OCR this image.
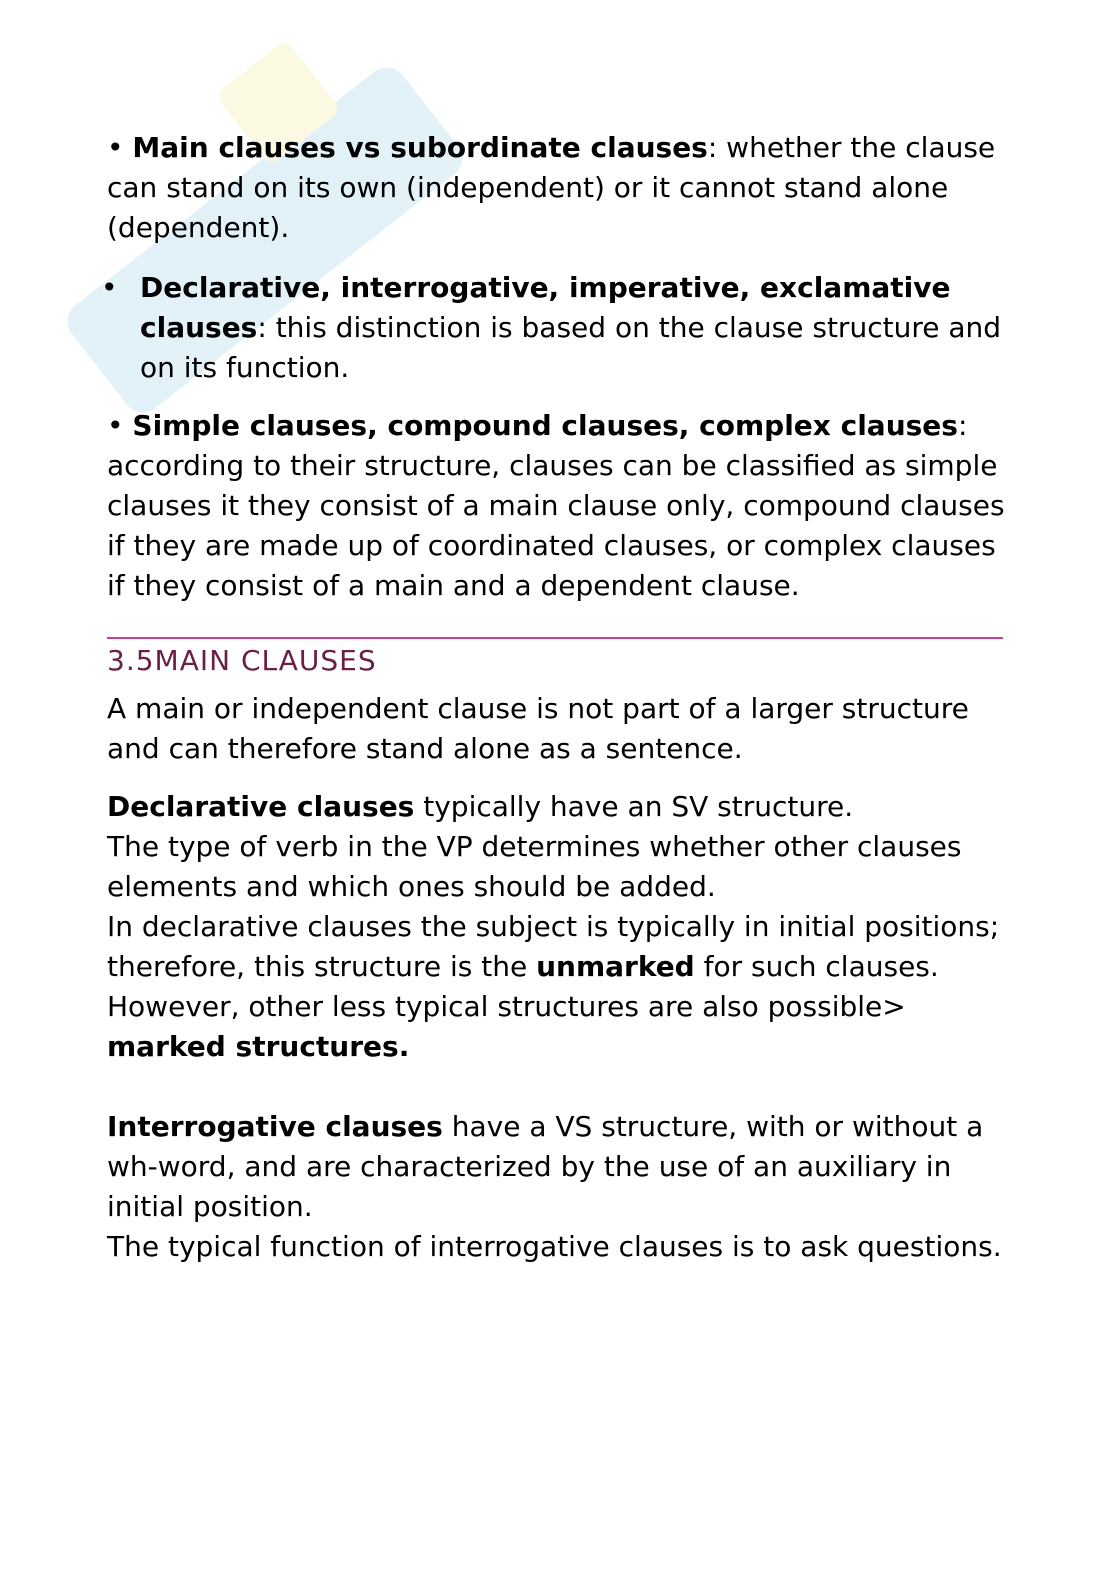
• Main clauses vs subordinate clauses: whether the clause can stand on its own (independent) or it cannot stand alone (dependent).

• Declarative, interrogative, imperative, exclamative clauses: this distinction is based on the clause structure and on its function.

• Simple clauses, compound clauses, complex clauses: according to their structure, clauses can be classified as simple clauses it they consist of a main clause only, compound clauses if they are made up of coordinated clauses, or complex clauses if they consist of a main and a dependent clause.

3.5MAIN CLAUSES

A main or independent clause is not part of a larger structure and can therefore stand alone as a sentence.

Declarative clauses typically have an SV structure.
The type of verb in the VP determines whether other clauses elements and which ones should be added.
In declarative clauses the subject is typically in initial positions; therefore, this structure is the unmarked for such clauses.
However, other less typical structures are also possible> marked structures.

Interrogative clauses have a VS structure, with or without a wh-word, and are characterized by the use of an auxiliary in initial position.
The typical function of interrogative clauses is to ask questions.
